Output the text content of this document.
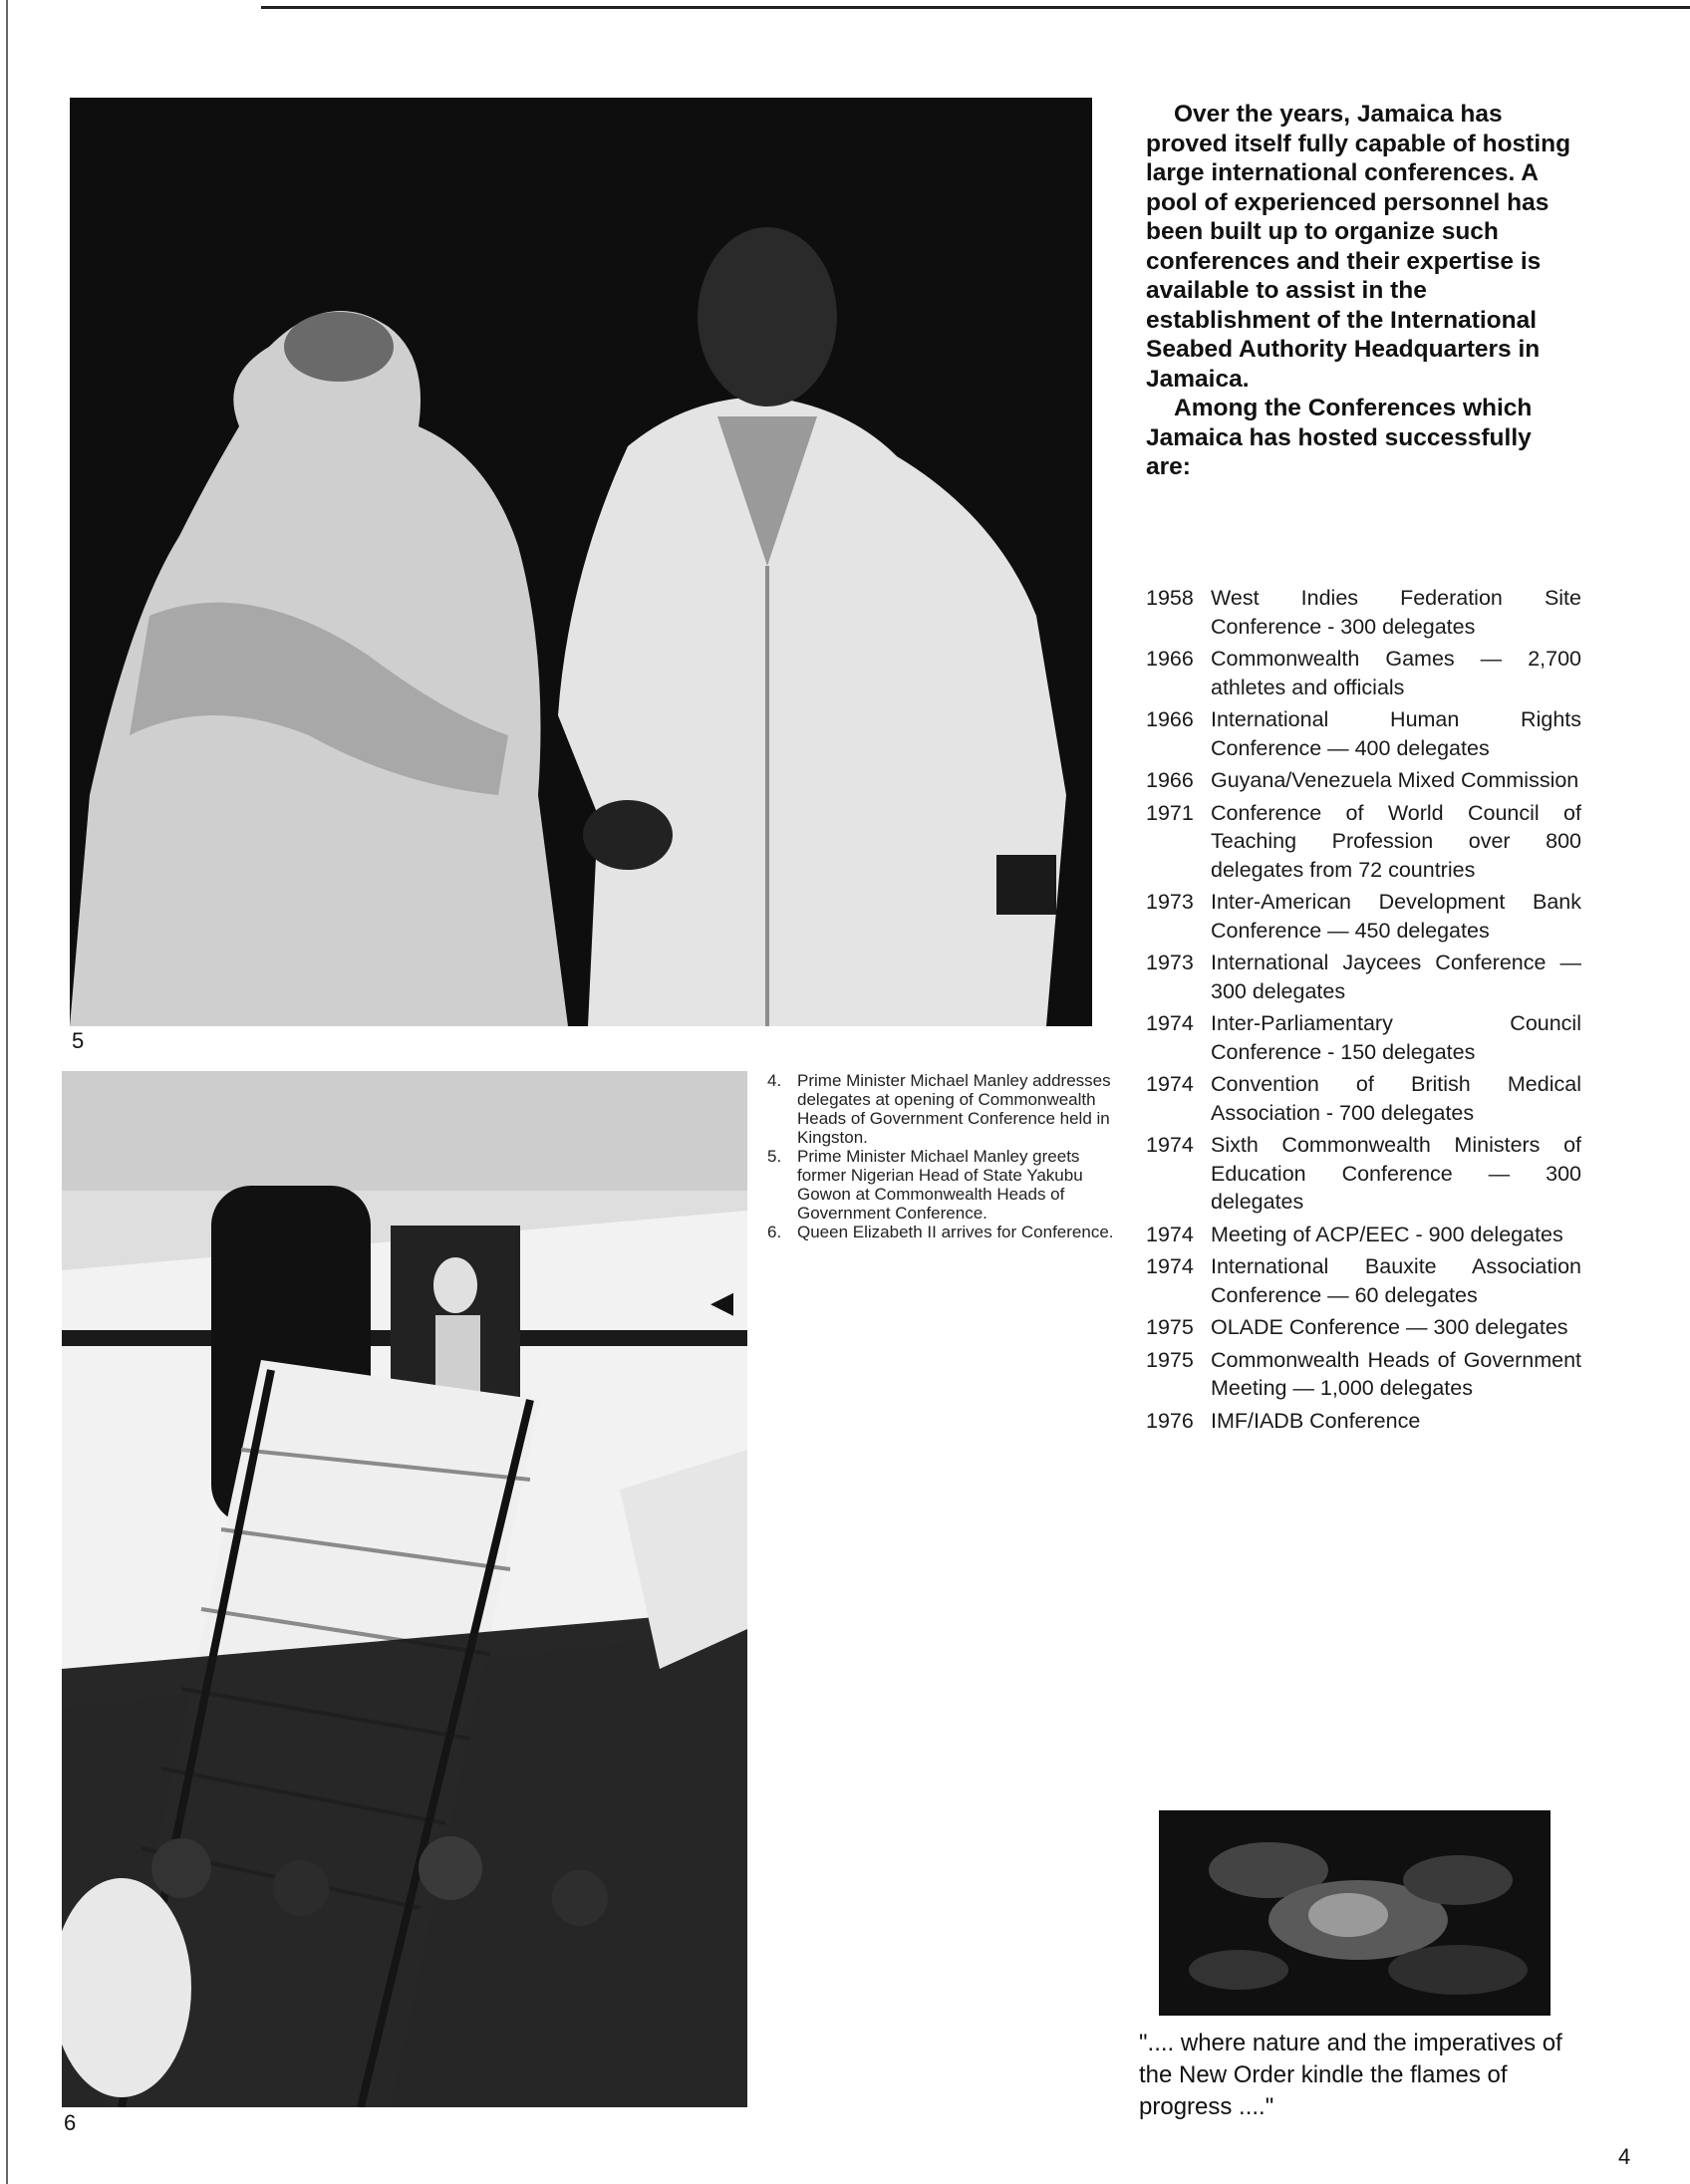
5
6
◀
4. Prime Minister Michael Manley addresses delegates at opening of Commonwealth Heads of Government Conference held in Kingston.
5. Prime Minister Michael Manley greets former Nigerian Head of State Yakubu Gowon at Commonwealth Heads of Government Conference.
6. Queen Elizabeth II arrives for Conference.

Over the years, Jamaica has proved itself fully capable of hosting large international conferences. A pool of experienced personnel has been built up to organize such conferences and their expertise is available to assist in the establishment of the International Seabed Authority Headquarters in Jamaica.

Among the Conferences which Jamaica has hosted successfully are:

1958 West Indies Federation Site Conference - 300 delegates
1966 Commonwealth Games — 2,700 athletes and officials
1966 International Human Rights Conference — 400 delegates
1966 Guyana/Venezuela Mixed Commission
1971 Conference of World Council of Teaching Profession over 800 delegates from 72 countries
1973 Inter-American Development Bank Conference — 450 delegates
1973 International Jaycees Conference — 300 delegates
1974 Inter-Parliamentary Council Conference - 150 delegates
1974 Convention of British Medical Association - 700 delegates
1974 Sixth Commonwealth Ministers of Education Conference — 300 delegates
1974 Meeting of ACP/EEC - 900 delegates
1974 International Bauxite Association Conference — 60 delegates
1975 OLADE Conference — 300 delegates
1975 Commonwealth Heads of Government Meeting — 1,000 delegates
1976 IMF/IADB Conference
".... where nature and the imperatives of the New Order kindle the flames of progress ...."
4
